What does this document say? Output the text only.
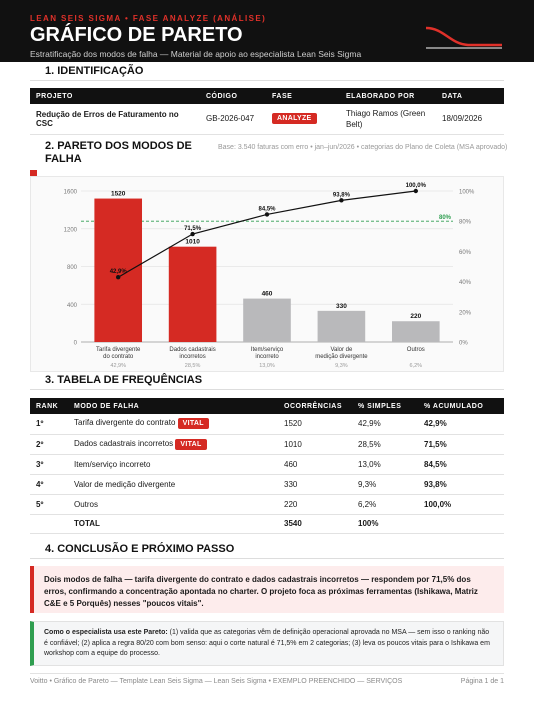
LEAN SEIS SIGMA • FASE ANALYZE (ANÁLISE)
GRÁFICO DE PARETO
Estratificação dos modos de falha — Material de apoio ao especialista Lean Seis Sigma
1. IDENTIFICAÇÃO
PROJETO	CÓDIGO	FASE	ELABORADO POR	DATA
Redução de Erros de Faturamento no CSC	GB-2026-047	ANALYZE	Thiago Ramos (Green Belt)	18/09/2026
2. PARETO DOS MODOS DE FALHA
Base: 3.540 faturas com erro • jan–jun/2026 • categorias do Plano de Coleta (MSA aprovado)
0
400
800
1200
1600
0%
20%
40%
60%
80%
100%
80%
1520
Tarifa divergente
do contrato
42,9%
1010
Dados cadastrais
incorretos
28,5%
460
Item/serviço
incorreto
13,0%
330
Valor de
medição divergente
9,3%
220
Outros
6,2%
42,9%
71,5%
84,5%
93,8%
100,0%
3. TABELA DE FREQUÊNCIAS
RANK	MODO DE FALHA	OCORRÊNCIAS	% SIMPLES	% ACUMULADO
1º	Tarifa divergente do contrato VITAL	1520	42,9%	42,9%
2º	Dados cadastrais incorretos VITAL	1010	28,5%	71,5%
3º	Item/serviço incorreto	460	13,0%	84,5%
4º	Valor de medição divergente	330	9,3%	93,8%
5º	Outros	220	6,2%	100,0%
	TOTAL	3540	100%	
4. CONCLUSÃO E PRÓXIMO PASSO
Dois modos de falha — tarifa divergente do contrato e dados cadastrais incorretos — respondem por 71,5% dos erros, confirmando a concentração apontada no charter. O projeto foca as próximas ferramentas (Ishikawa, Matriz C&E e 5 Porquês) nesses "poucos vitais".
Como o especialista usa este Pareto: (1) valida que as categorias vêm de definição operacional aprovada no MSA — sem isso o ranking não é confiável; (2) aplica a regra 80/20 com bom senso: aqui o corte natural é 71,5% em 2 categorias; (3) leva os poucos vitais para o Ishikawa em workshop com a equipe do processo.
Voitto • Gráfico de Pareto — Template Lean Seis Sigma — Lean Seis Sigma • EXEMPLO PREENCHIDO — SERVIÇOS	Página 1 de 1
